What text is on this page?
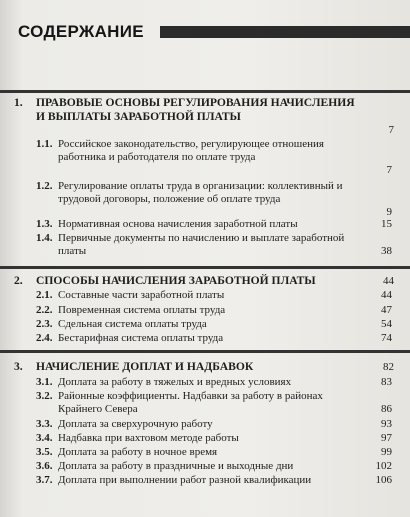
СОДЕРЖАНИЕ
1. ПРАВОВЫЕ ОСНОВЫ РЕГУЛИРОВАНИЯ НАЧИСЛЕНИЯ И ВЫПЛАТЫ ЗАРАБОТНОЙ ПЛАТЫ
7
1.1. Российское законодательство, регулирующее отношения работника и работодателя по оплате труда
7
1.2. Регулирование оплаты труда в организации: коллективный и трудовой договоры, положение об оплате труда
9
1.3. Нормативная основа начисления заработной платы	15
1.4. Первичные документы по начислению и выплате заработной платы	38
2. СПОСОБЫ НАЧИСЛЕНИЯ ЗАРАБОТНОЙ ПЛАТЫ	44
2.1. Составные части заработной платы	44
2.2. Повременная система оплаты труда	47
2.3. Сдельная система оплаты труда	54
2.4. Бестарифная система оплаты труда	74
3. НАЧИСЛЕНИЕ ДОПЛАТ И НАДБАВОК	82
3.1. Доплата за работу в тяжелых и вредных условиях	83
3.2. Районные коэффициенты. Надбавки за работу в районах Крайнего Севера	86
3.3. Доплата за сверхурочную работу	93
3.4. Надбавка при вахтовом методе работы	97
3.5. Доплата за работу в ночное время	99
3.6. Доплата за работу в праздничные и выходные дни	102
3.7. Доплата при выполнении работ разной квалификации	106
